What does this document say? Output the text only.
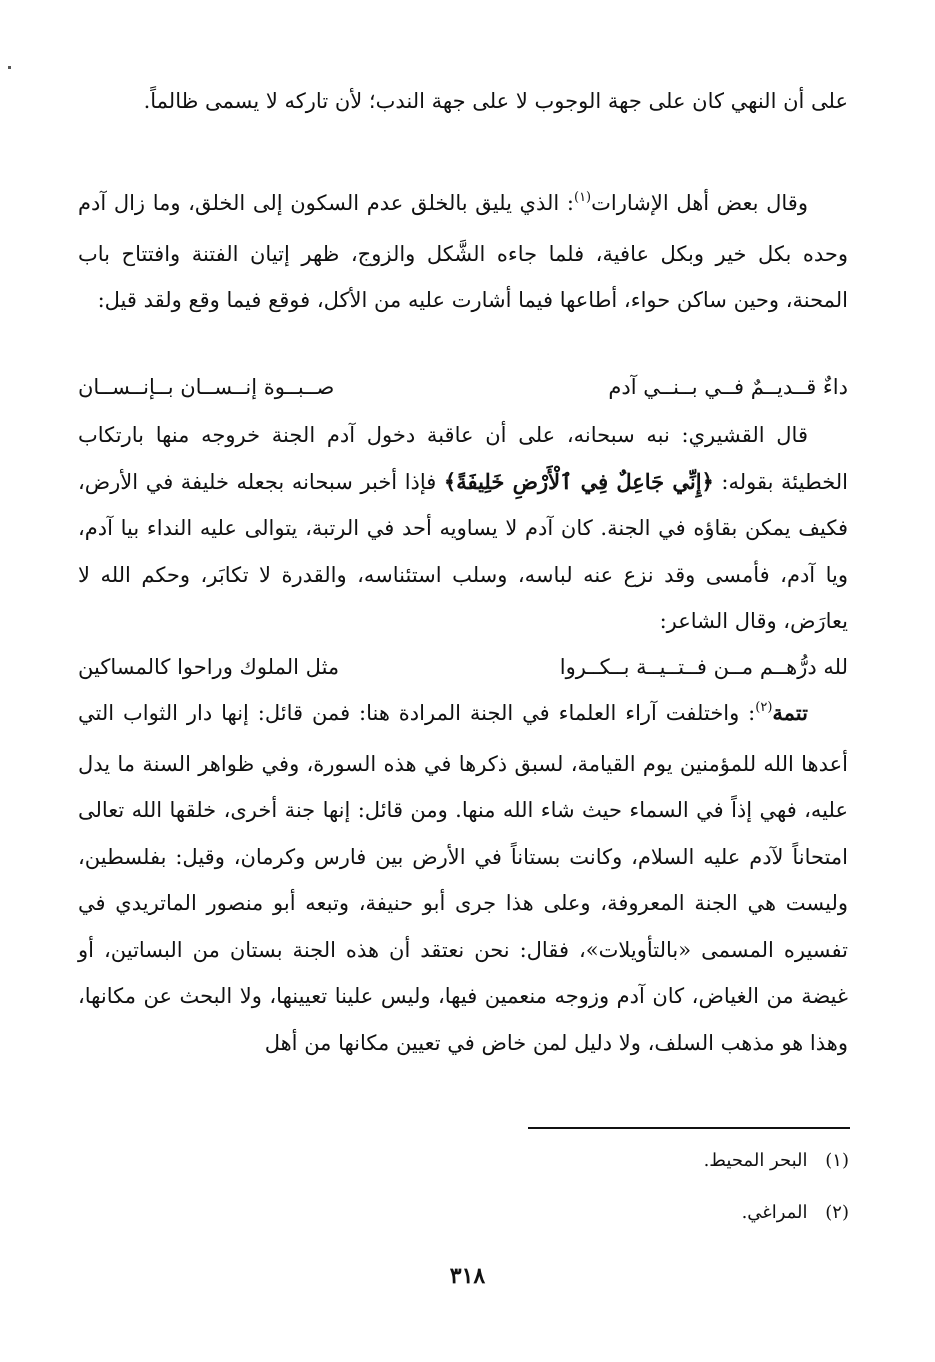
على أن النهي كان على جهة الوجوب لا على جهة الندب؛ لأن تاركه لا يسمى ظالماً.

وقال بعض أهل الإشارات$^{(١)}$: الذي يليق بالخلق عدم السكون إلى الخلق، وما زال آدم وحده بكل خير وبكل عافية، فلما جاءه الشَّكل والزوج، ظهر إتيان الفتنة وافتتاح باب المحنة، وحين ساكن حواء، أطاعها فيما أشارت عليه من الأكل، فوقع فيما وقع ولقد قيل:

داءٌ قــديــمٌ فــي بــنــي آدم
صــبــوة إنــســان بــإنــســان

قال القشيري: نبه سبحانه، على أن عاقبة دخول آدم الجنة خروجه منها بارتكاب الخطيئة بقوله: ﴿إِنِّي جَاعِلٌ فِي ٱلْأَرْضِ خَلِيفَةً﴾ فإذا أخبر سبحانه بجعله خليفة في الأرض، فكيف يمكن بقاؤه في الجنة. كان آدم لا يساويه أحد في الرتبة، يتوالى عليه النداء بيا آدم، ويا آدم، فأمسى وقد نزع عنه لباسه، وسلب استئناسه، والقدرة لا تكابَر، وحكم الله لا يعارَض، وقال الشاعر:

لله درُّهــم مــن فــتــيــة بــكــروا
مثل الملوك وراحوا كالمساكين

تتمة$^{(٢)}$: واختلفت آراء العلماء في الجنة المرادة هنا: فمن قائل: إنها دار الثواب التي أعدها الله للمؤمنين يوم القيامة، لسبق ذكرها في هذه السورة، وفي ظواهر السنة ما يدل عليه، فهي إذاً في السماء حيث شاء الله منها. ومن قائل: إنها جنة أخرى، خلقها الله تعالى امتحاناً لآدم عليه السلام، وكانت بستاناً في الأرض بين فارس وكرمان، وقيل: بفلسطين، وليست هي الجنة المعروفة، وعلى هذا جرى أبو حنيفة، وتبعه أبو منصور الماتريدي في تفسيره المسمى «بالتأويلات»، فقال: نحن نعتقد أن هذه الجنة بستان من البساتين، أو غيضة من الغياض، كان آدم وزوجه منعمين فيها، وليس علينا تعيينها، ولا البحث عن مكانها، وهذا هو مذهب السلف، ولا دليل لمن خاض في تعيين مكانها من أهل

(١) البحر المحيط.
(٢) المراغي.
٣١٨
